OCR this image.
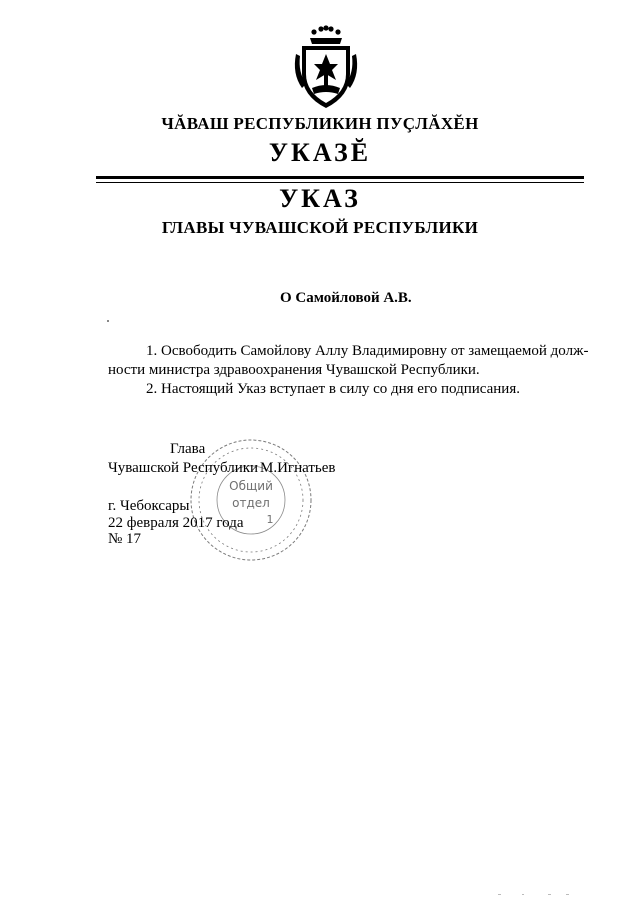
ЧĂВАШ РЕСПУБЛИКИН ПУÇЛĂХĔН
УКАЗĔ
УКАЗ
ГЛАВЫ ЧУВАШСКОЙ РЕСПУБЛИКИ
О Самойловой А.В.
1. Освободить Самойлову Аллу Владимировну от замещаемой долж-
ности министра здравоохранения Чувашской Республики.
2. Настоящий Указ вступает в силу со дня его подписания.
Общий
отдел
1
Глава
Чувашской Республики М.Игнатьев
г. Чебоксары
22 февраля 2017 года
№ 17
